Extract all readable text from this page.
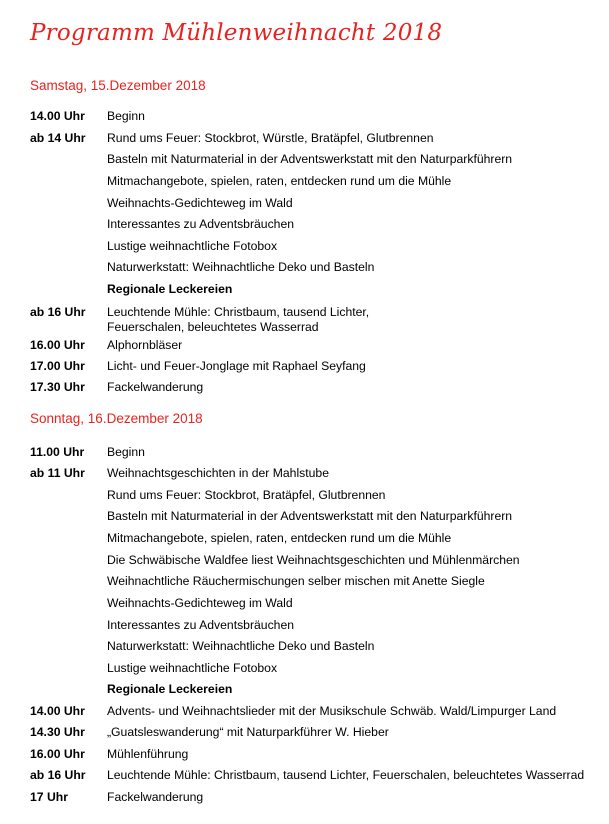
Programm Mühlenweihnacht 2018
Samstag, 15.Dezember 2018
14.00 Uhr Beginn
ab 14 Uhr Rund ums Feuer: Stockbrot, Würstle, Bratäpfel, Glutbrennen
Basteln mit Naturmaterial in der Adventswerkstatt mit den Naturparkführern
Mitmachangebote, spielen, raten, entdecken rund um die Mühle
Weihnachts-Gedichteweg im Wald
Interessantes zu Adventsbräuchen
Lustige weihnachtliche Fotobox
Naturwerkstatt: Weihnachtliche Deko und Basteln
Regionale Leckereien
ab 16 Uhr Leuchtende Mühle: Christbaum, tausend Lichter, Feuerschalen, beleuchtetes Wasserrad
16.00 Uhr Alphornbläser
17.00 Uhr Licht- und Feuer-Jonglage mit Raphael Seyfang
17.30 Uhr Fackelwanderung
Sonntag, 16.Dezember 2018
11.00 Uhr Beginn
ab 11 Uhr Weihnachtsgeschichten in der Mahlstube
Rund ums Feuer: Stockbrot, Bratäpfel, Glutbrennen
Basteln mit Naturmaterial in der Adventswerkstatt mit den Naturparkführern
Mitmachangebote, spielen, raten, entdecken rund um die Mühle
Die Schwäbische Waldfee liest Weihnachtsgeschichten und Mühlenmärchen
Weihnachtliche Räuchermischungen selber mischen mit Anette Siegle
Weihnachts-Gedichteweg im Wald
Interessantes zu Adventsbräuchen
Naturwerkstatt: Weihnachtliche Deko und Basteln
Lustige weihnachtliche Fotobox
Regionale Leckereien
14.00 Uhr Advents- und Weihnachtslieder mit der Musikschule Schwäb. Wald/Limpurger Land
14.30 Uhr „Guatsleswanderung“ mit Naturparkführer W. Hieber
16.00 Uhr Mühlenführung
ab 16 Uhr Leuchtende Mühle: Christbaum, tausend Lichter, Feuerschalen, beleuchtetes Wasserrad
17 Uhr	Fackelwanderung
